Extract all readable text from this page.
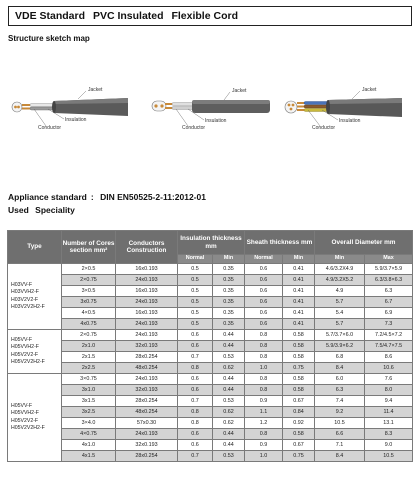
VDE Standard PVC Insulated Flexible Cord
Structure sketch map
Jacket
Insulation
Conductor
Jacket
Insulation
Conductor
Jacket
Insulation
Conductor
Appliance standard : DIN EN50525-2-11:2012-01
Used Speciality
Type	Number of Cores section mm²	Conductors Construction	Insulation thickness mm		Sheath thickness mm		Overall Diameter mm	
			Normal	Min	Normal	Min	Min	Max

H03VV-F
H03VVH2-F
H03V2V2-F
H03V2V2H2-F	2×0.5	16x0.193	0.5	0.35	0.6	0.41	4.6/3.2X4.9	5.9/3.7×5.9
	2×0.75	24x0.193	0.5	0.35	0.6	0.41	4.9/3.2X5.2	6.3/3.8×6.3
	3×0.5	16x0.193	0.5	0.35	0.6	0.41	4.9	6.3
	3x0.75	24x0.193	0.5	0.35	0.6	0.41	5.7	6.7
	4×0.5	16x0.193	0.5	0.35	0.6	0.41	5.4	6.9
	4x0.75	24x0.193	0.5	0.35	0.6	0.41	5.7	7.3

H05VV-F
H05VVH2-F
H05V2V2-F
H05V2V2H2-F	2×0.75	24x0.193	0.6	0.44	0.8	0.58	5.7/3.7×6.0	7.2/4.5×7.2
	2x1.0	32x0.193	0.6	0.44	0.8	0.58	5.9/3.9×6.2	7.5/4.7×7.5
	2x1.5	28x0.254	0.7	0.53	0.8	0.58	6.8	8.6
	2x2.5	48x0.254	0.8	0.62	1.0	0.75	8.4	10.6

H05VV-F
H05VVH2-F
H05V2V2-F
H05V2V2H2-F	3×0.75	24x0.193	0.6	0.44	0.8	0.58	6.0	7.6
	3x1.0	32x0.193	0.6	0.44	0.8	0.58	6.3	8.0
	3x1.5	28x0.254	0.7	0.53	0.9	0.67	7.4	9.4
	3x2.5	48x0.254	0.8	0.62	1.1	0.84	9.2	11.4
	3×4.0	57x0.30	0.8	0.62	1.2	0.92	10.5	13.1
	4×0.75	24x0.193	0.6	0.44	0.8	0.58	6.6	8.3
	4x1.0	32x0.193	0.6	0.44	0.9	0.67	7.1	9.0
	4x1.5	28x0.254	0.7	0.53	1.0	0.75	8.4	10.5
